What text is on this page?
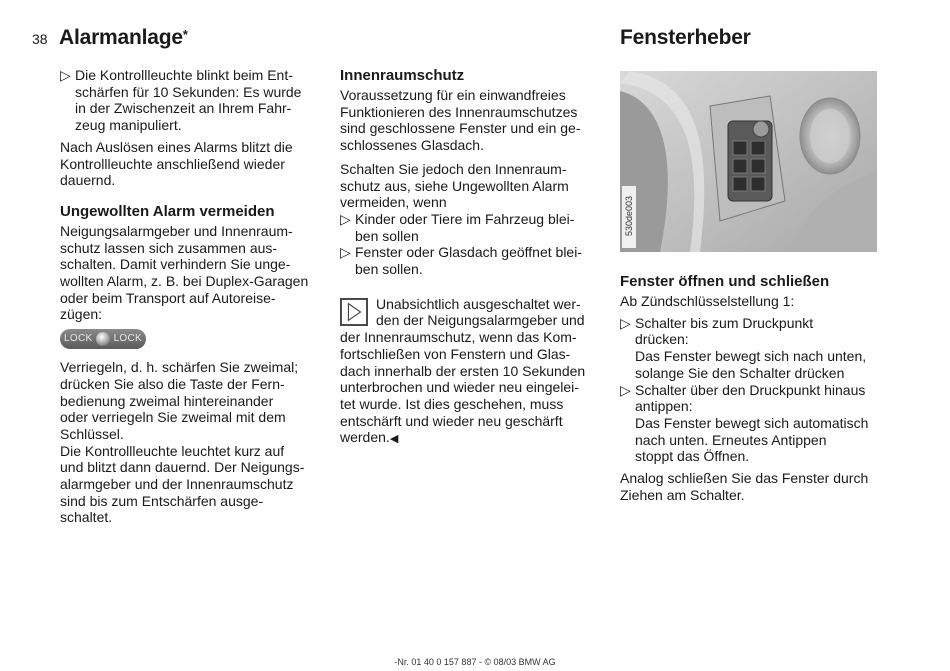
38 Alarmanlage*
▷ Die Kontrollleuchte blinkt beim Ent-
schärfen für 10 Sekunden: Es wurde
in der Zwischenzeit an Ihrem Fahr-
zeug manipuliert.

Nach Auslösen eines Alarms blitzt die
Kontrollleuchte anschließend wieder
dauernd.

Ungewollten Alarm vermeiden

Neigungsalarmgeber und Innenraum-
schutz lassen sich zusammen aus-
schalten. Damit verhindern Sie unge-
wollten Alarm, z. B. bei Duplex-Garagen
oder beim Transport auf Autoreise-
zügen:

LOCK LOCK

Verriegeln, d. h. schärfen Sie zweimal;
drücken Sie also die Taste der Fern-
bedienung zweimal hintereinander
oder verriegeln Sie zweimal mit dem
Schlüssel.
Die Kontrollleuchte leuchtet kurz auf
und blitzt dann dauernd. Der Neigungs-
alarmgeber und der Innenraumschutz
sind bis zum Entschärfen ausge-
schaltet.

Innenraumschutz

Voraussetzung für ein einwandfreies
Funktionieren des Innenraumschutzes
sind geschlossene Fenster und ein ge-
schlossenes Glasdach.

Schalten Sie jedoch den Innenraum-
schutz aus, siehe Ungewollten Alarm
vermeiden, wenn

▷ Kinder oder Tiere im Fahrzeug blei-
ben sollen
▷ Fenster oder Glasdach geöffnet blei-
ben sollen.
Unabsichtlich ausgeschaltet wer-
den der Neigungsalarmgeber und
der Innenraumschutz, wenn das Kom-
fortschließen von Fenstern und Glas-
dach innerhalb der ersten 10 Sekunden
unterbrochen und wieder neu eingelei-
tet wurde. Ist dies geschehen, muss
entschärft und wieder neu geschärft
werden.◀
Fensterheber
530de003
Fenster öffnen und schließen

Ab Zündschlüsselstellung 1:

▷ Schalter bis zum Druckpunkt
drücken:
Das Fenster bewegt sich nach unten,
solange Sie den Schalter drücken
▷ Schalter über den Druckpunkt hinaus
antippen:
Das Fenster bewegt sich automatisch
nach unten. Erneutes Antippen
stoppt das Öffnen.

Analog schließen Sie das Fenster durch
Ziehen am Schalter.

-Nr. 01 40 0 157 887 - © 08/03 BMW AG
